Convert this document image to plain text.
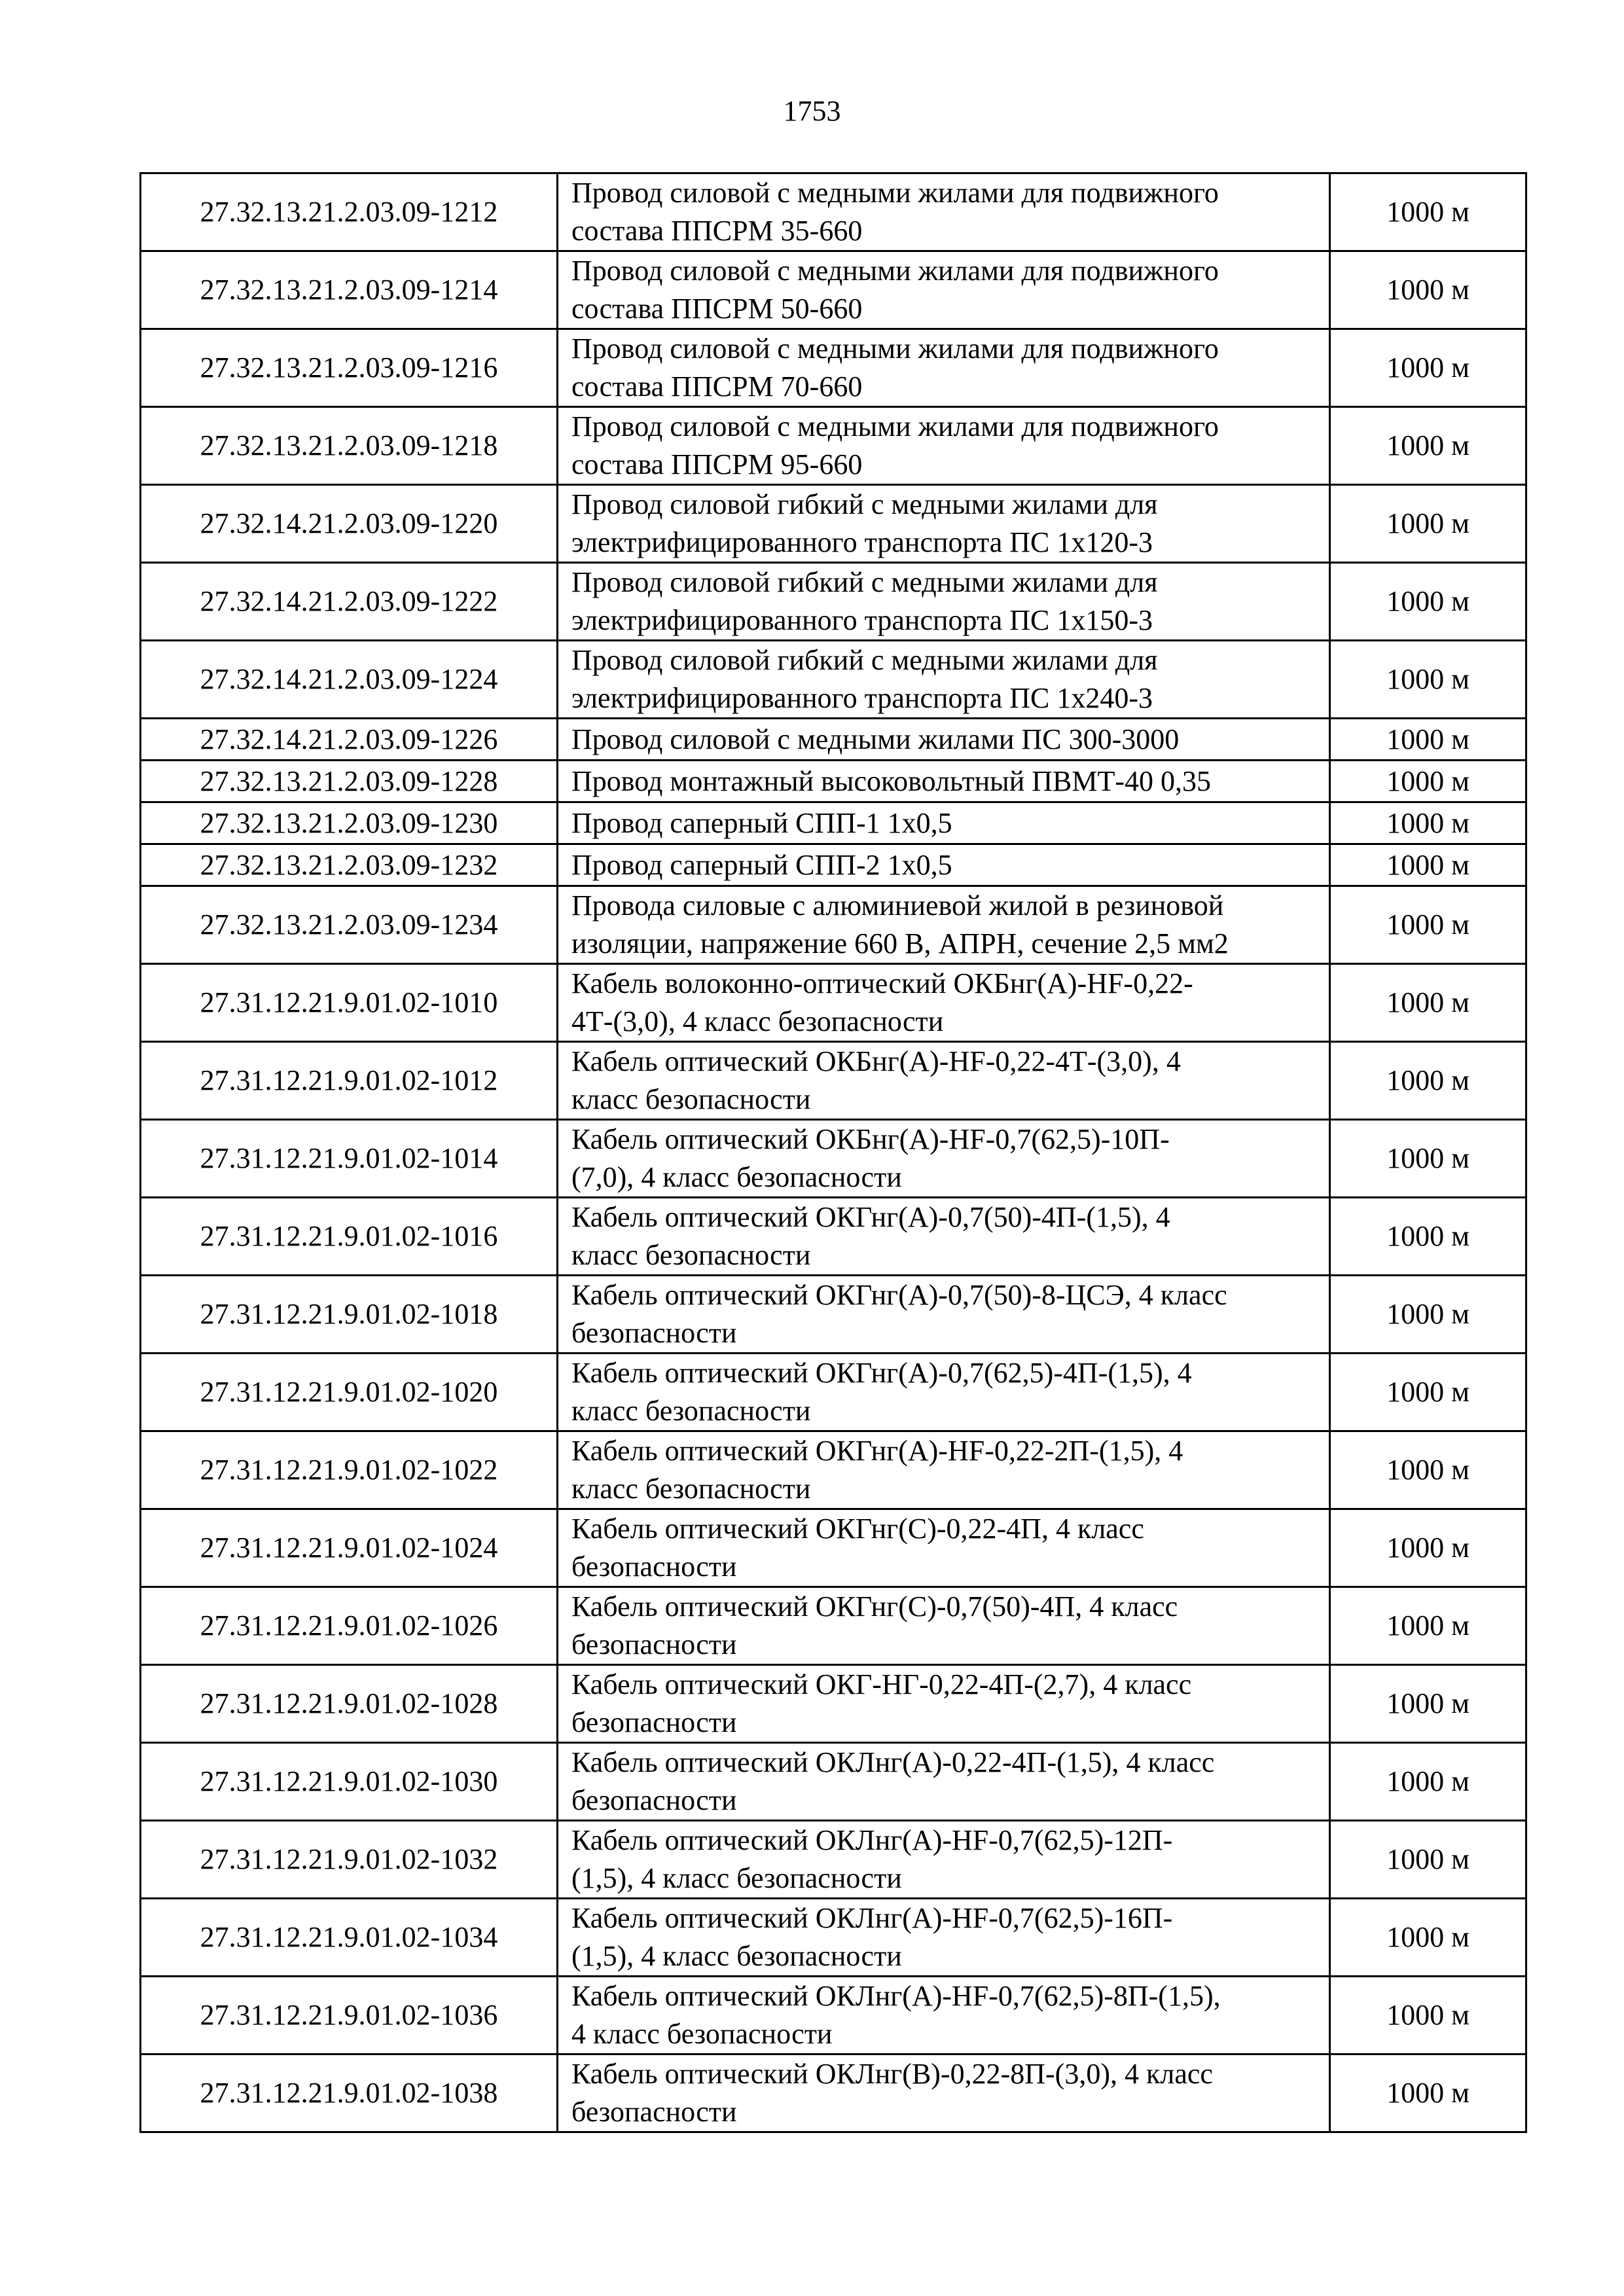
1753
27.32.13.21.2.03.09-1212	Провод силовой с медными жилами для подвижного
состава ППСРМ 35-660	1000 м
27.32.13.21.2.03.09-1214	Провод силовой с медными жилами для подвижного
состава ППСРМ 50-660	1000 м
27.32.13.21.2.03.09-1216	Провод силовой с медными жилами для подвижного
состава ППСРМ 70-660	1000 м
27.32.13.21.2.03.09-1218	Провод силовой с медными жилами для подвижного
состава ППСРМ 95-660	1000 м
27.32.14.21.2.03.09-1220	Провод силовой гибкий с медными жилами для
электрифицированного транспорта ПС 1х120-3	1000 м
27.32.14.21.2.03.09-1222	Провод силовой гибкий с медными жилами для
электрифицированного транспорта ПС 1х150-3	1000 м
27.32.14.21.2.03.09-1224	Провод силовой гибкий с медными жилами для
электрифицированного транспорта ПС 1х240-3	1000 м
27.32.14.21.2.03.09-1226	Провод силовой с медными жилами ПС 300-3000	1000 м
27.32.13.21.2.03.09-1228	Провод монтажный высоковольтный ПВМТ-40 0,35	1000 м
27.32.13.21.2.03.09-1230	Провод саперный СПП-1 1х0,5	1000 м
27.32.13.21.2.03.09-1232	Провод саперный СПП-2 1х0,5	1000 м
27.32.13.21.2.03.09-1234	Провода силовые с алюминиевой жилой в резиновой
изоляции, напряжение 660 В, АПРН, сечение 2,5 мм2	1000 м
27.31.12.21.9.01.02-1010	Кабель волоконно-оптический ОКБнг(А)-HF-0,22-
4Т-(3,0), 4 класс безопасности	1000 м
27.31.12.21.9.01.02-1012	Кабель оптический ОКБнг(А)-HF-0,22-4Т-(3,0), 4
класс безопасности	1000 м
27.31.12.21.9.01.02-1014	Кабель оптический ОКБнг(А)-HF-0,7(62,5)-10П-
(7,0), 4 класс безопасности	1000 м
27.31.12.21.9.01.02-1016	Кабель оптический ОКГнг(А)-0,7(50)-4П-(1,5), 4
класс безопасности	1000 м
27.31.12.21.9.01.02-1018	Кабель оптический ОКГнг(А)-0,7(50)-8-ЦСЭ, 4 класс
безопасности	1000 м
27.31.12.21.9.01.02-1020	Кабель оптический ОКГнг(А)-0,7(62,5)-4П-(1,5), 4
класс безопасности	1000 м
27.31.12.21.9.01.02-1022	Кабель оптический ОКГнг(А)-HF-0,22-2П-(1,5), 4
класс безопасности	1000 м
27.31.12.21.9.01.02-1024	Кабель оптический ОКГнг(С)-0,22-4П, 4 класс
безопасности	1000 м
27.31.12.21.9.01.02-1026	Кабель оптический ОКГнг(С)-0,7(50)-4П, 4 класс
безопасности	1000 м
27.31.12.21.9.01.02-1028	Кабель оптический ОКГ-НГ-0,22-4П-(2,7), 4 класс
безопасности	1000 м
27.31.12.21.9.01.02-1030	Кабель оптический ОКЛнг(А)-0,22-4П-(1,5), 4 класс
безопасности	1000 м
27.31.12.21.9.01.02-1032	Кабель оптический ОКЛнг(А)-HF-0,7(62,5)-12П-
(1,5), 4 класс безопасности	1000 м
27.31.12.21.9.01.02-1034	Кабель оптический ОКЛнг(А)-HF-0,7(62,5)-16П-
(1,5), 4 класс безопасности	1000 м
27.31.12.21.9.01.02-1036	Кабель оптический ОКЛнг(А)-HF-0,7(62,5)-8П-(1,5),
4 класс безопасности	1000 м
27.31.12.21.9.01.02-1038	Кабель оптический ОКЛнг(В)-0,22-8П-(3,0), 4 класс
безопасности	1000 м
